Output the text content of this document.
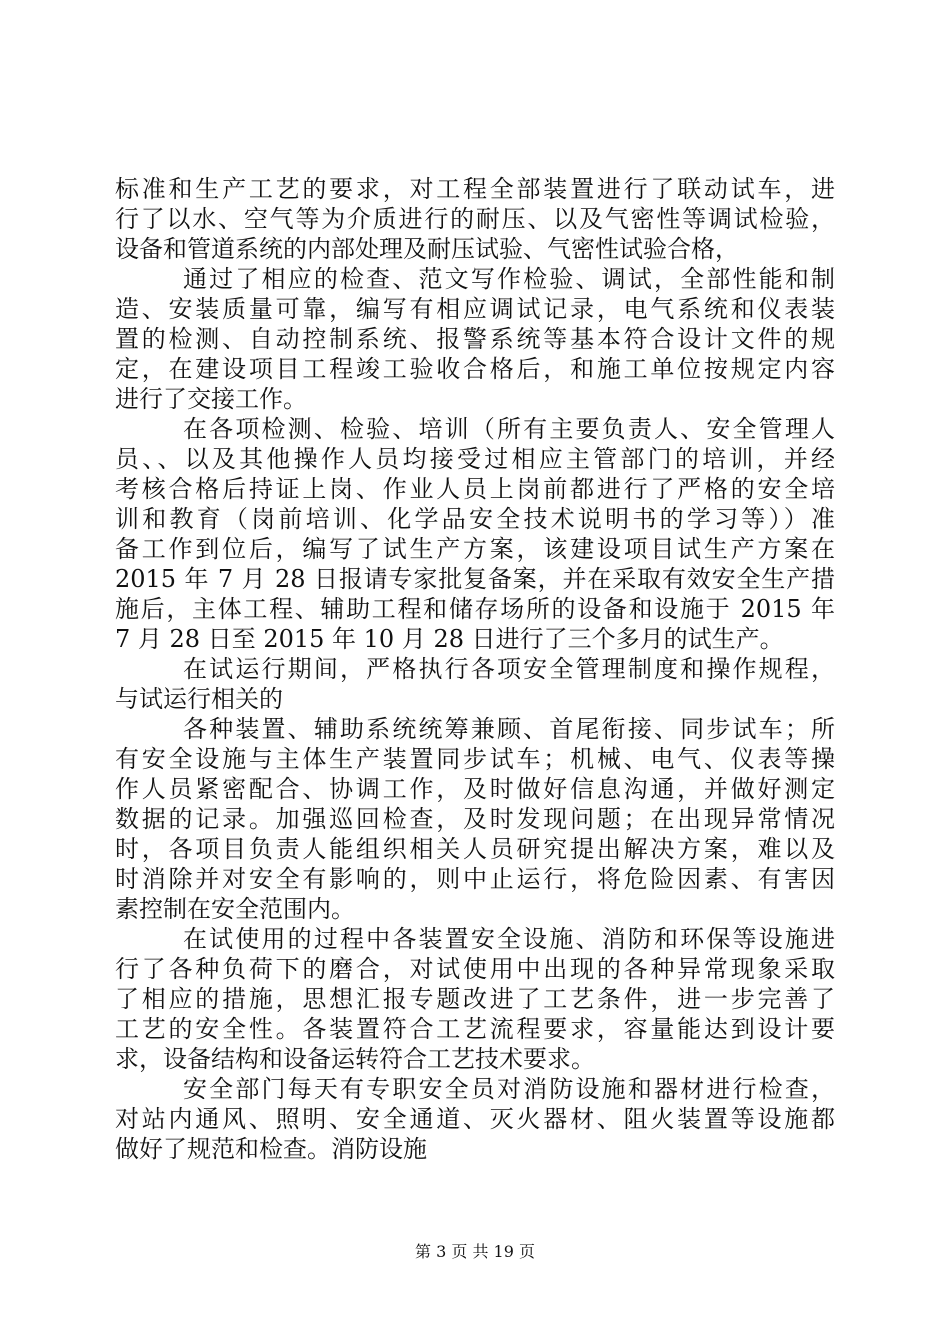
标准和生产工艺的要求，对工程全部装置进行了联动试车，进
行了以水、空气等为介质进行的耐压、以及气密性等调试检验，
设备和管道系统的内部处理及耐压试验、气密性试验合格，
通过了相应的检查、范文写作检验、调试，全部性能和制
造、安装质量可靠，编写有相应调试记录，电气系统和仪表装
置的检测、自动控制系统、报警系统等基本符合设计文件的规
定，在建设项目工程竣工验收合格后，和施工单位按规定内容
进行了交接工作。
在各项检测、检验、培训（所有主要负责人、安全管理人
员、、以及其他操作人员均接受过相应主管部门的培训，并经
考核合格后持证上岗、作业人员上岗前都进行了严格的安全培
训和教育（岗前培训、化学品安全技术说明书的学习等））准
备工作到位后，编写了试生产方案，该建设项目试生产方案在
2015 年 7 月 28 日报请专家批复备案，并在采取有效安全生产措
施后，主体工程、辅助工程和储存场所的设备和设施于 2015 年
7 月 28 日至 2015 年 10 月 28 日进行了三个多月的试生产。
在试运行期间，严格执行各项安全管理制度和操作规程，
与试运行相关的
各种装置、辅助系统统筹兼顾、首尾衔接、同步试车；所
有安全设施与主体生产装置同步试车；机械、电气、仪表等操
作人员紧密配合、协调工作，及时做好信息沟通，并做好测定
数据的记录。加强巡回检查，及时发现问题；在出现异常情况
时，各项目负责人能组织相关人员研究提出解决方案，难以及
时消除并对安全有影响的，则中止运行，将危险因素、有害因
素控制在安全范围内。
在试使用的过程中各装置安全设施、消防和环保等设施进
行了各种负荷下的磨合，对试使用中出现的各种异常现象采取
了相应的措施，思想汇报专题改进了工艺条件，进一步完善了
工艺的安全性。各装置符合工艺流程要求，容量能达到设计要
求，设备结构和设备运转符合工艺技术要求。
安全部门每天有专职安全员对消防设施和器材进行检查，
对站内通风、照明、安全通道、灭火器材、阻火装置等设施都
做好了规范和检查。消防设施
第 3 页 共 19 页
